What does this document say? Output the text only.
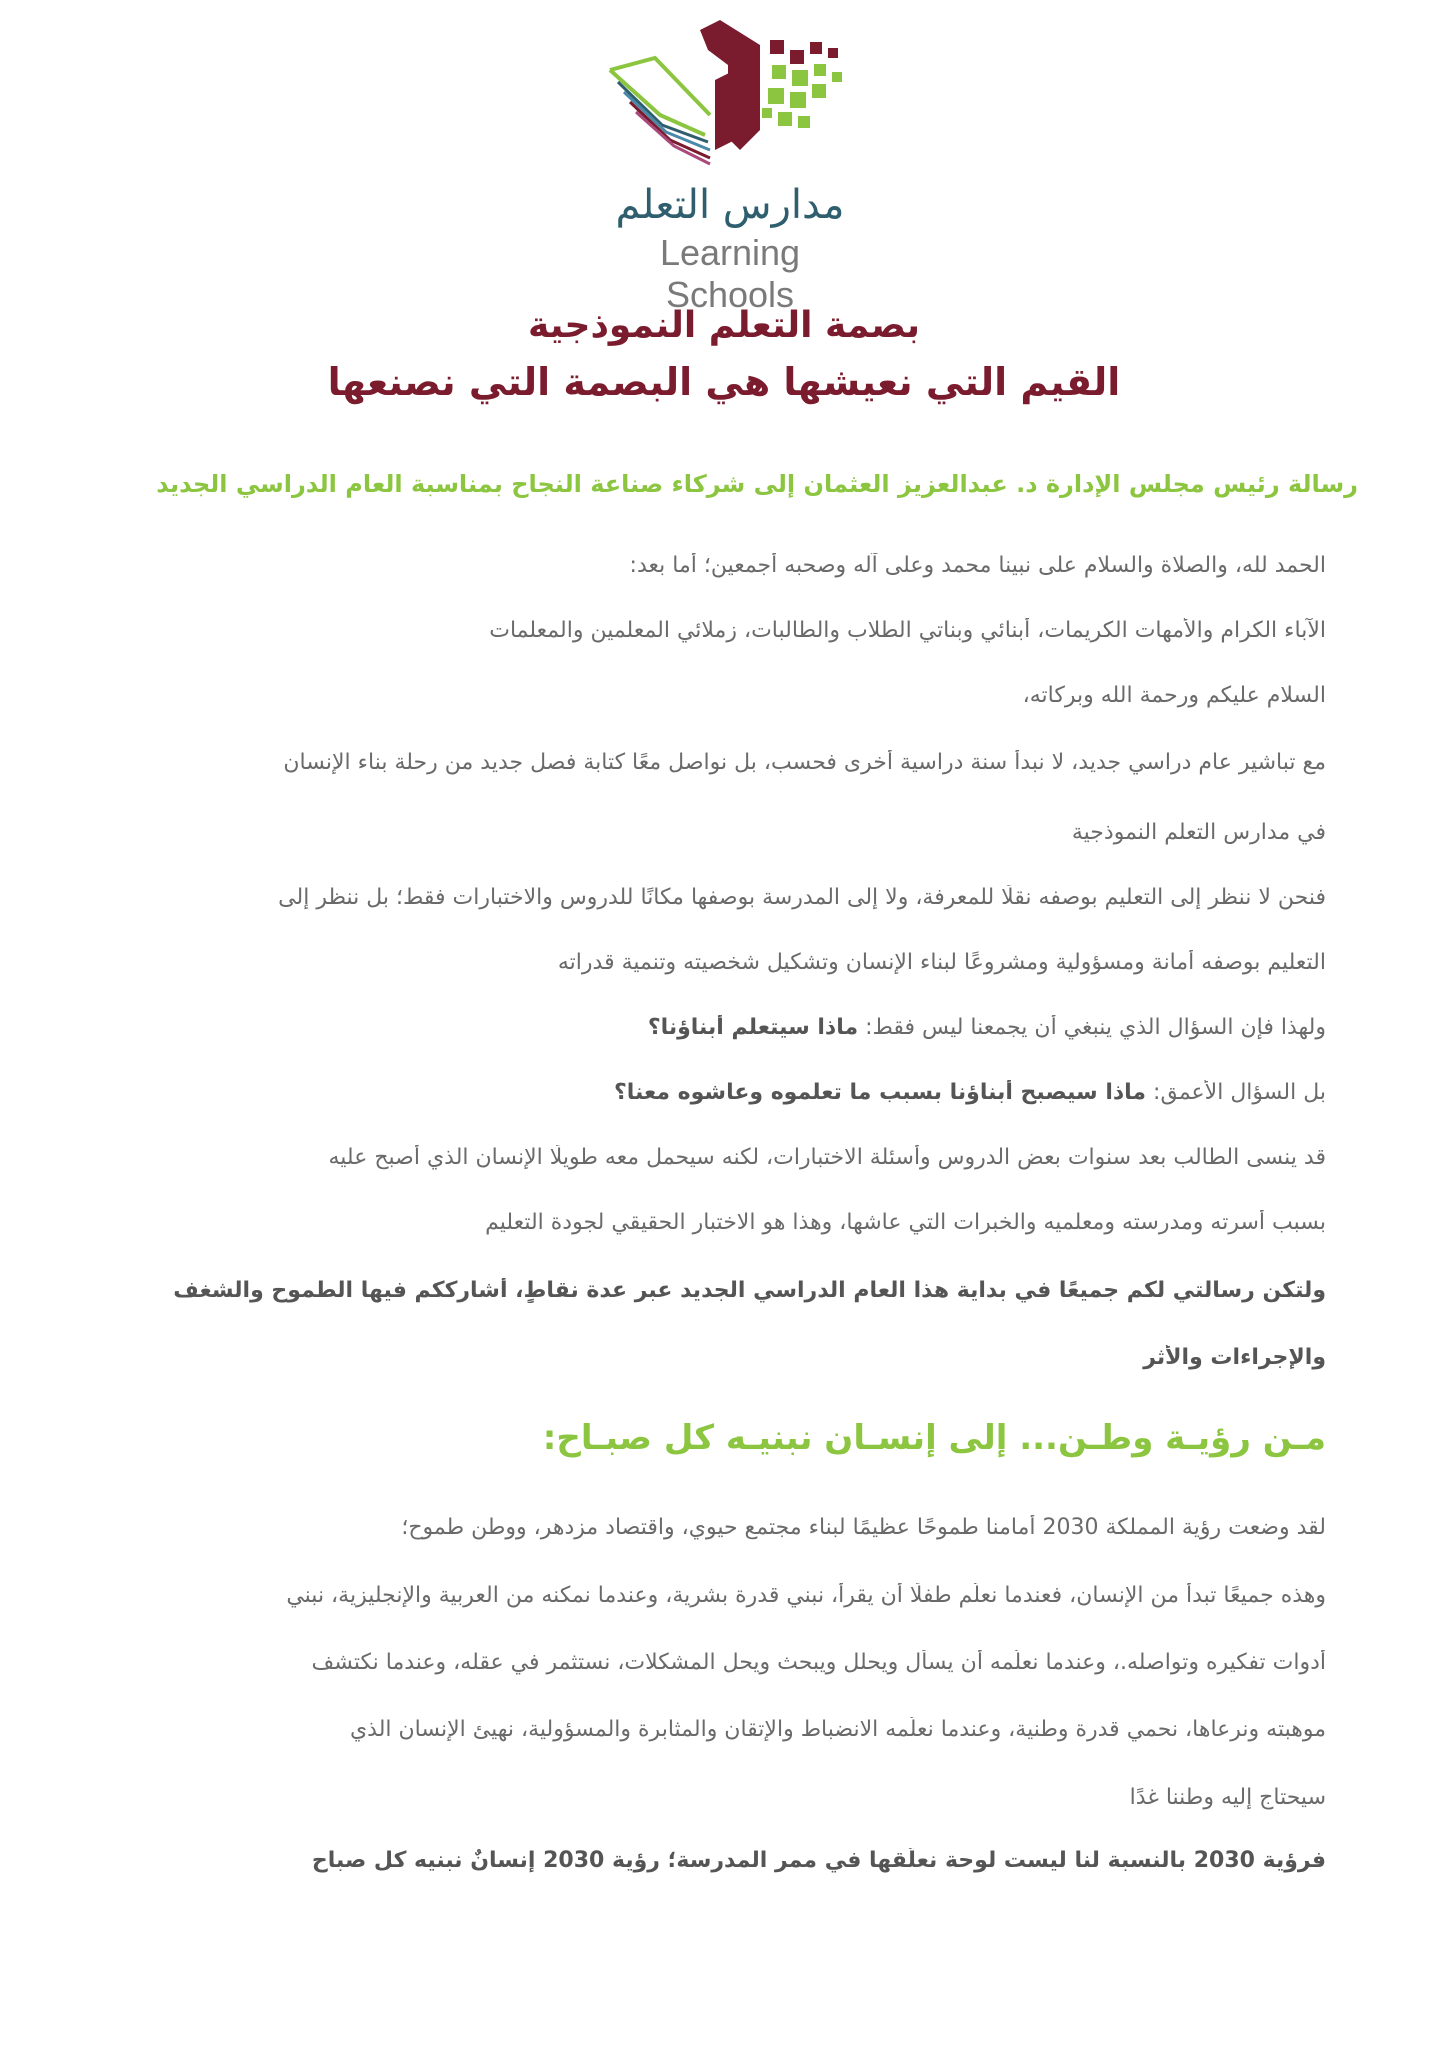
مدارس التعلم
Learning Schools
بصمة التعلم النموذجية
القيم التي نعيشها هي البصمة التي نصنعها
رسالة رئيس مجلس الإدارة د. عبدالعزيز العثمان إلى شركاء صناعة النجاح بمناسبة العام الدراسي الجديد
الحمد لله، والصلاة والسلام على نبينا محمد وعلى آله وصحبه أجمعين؛ أما بعد:
الآباء الكرام والأمهات الكريمات، أبنائي وبناتي الطلاب والطالبات، زملائي المعلمين والمعلمات
السلام عليكم ورحمة الله وبركاته،
مع تباشير عام دراسي جديد، لا نبدأ سنة دراسية أخرى فحسب، بل نواصل معًا كتابة فصل جديد من رحلة بناء الإنسان
في مدارس التعلم النموذجية
فنحن لا ننظر إلى التعليم بوصفه نقلًا للمعرفة، ولا إلى المدرسة بوصفها مكانًا للدروس والاختبارات فقط؛ بل ننظر إلى
التعليم بوصفه أمانة ومسؤولية ومشروعًا لبناء الإنسان وتشكيل شخصيته وتنمية قدراته
ولهذا فإن السؤال الذي ينبغي أن يجمعنا ليس فقط: ماذا سيتعلم أبناؤنا؟
بل السؤال الأعمق: ماذا سيصبح أبناؤنا بسبب ما تعلموه وعاشوه معنا؟
قد ينسى الطالب بعد سنوات بعض الدروس وأسئلة الاختبارات، لكنه سيحمل معه طويلًا الإنسان الذي أصبح عليه
بسبب أسرته ومدرسته ومعلميه والخبرات التي عاشها، وهذا هو الاختبار الحقيقي لجودة التعليم
ولتكن رسالتي لكم جميعًا في بداية هذا العام الدراسي الجديد عبر عدة نقاطٍ، أشارككم فيها الطموح والشغف
والإجراءات والأثر
لقد وضعت رؤية المملكة 2030 أمامنا طموحًا عظيمًا لبناء مجتمع حيوي، واقتصاد مزدهر، ووطن طموح؛
وهذه جميعًا تبدأ من الإنسان، فعندما نعلّم طفلًا أن يقرأ، نبني قدرة بشرية، وعندما نمكنه من العربية والإنجليزية، نبني
أدوات تفكيره وتواصله.، وعندما نعلّمه أن يسأل ويحلل ويبحث ويحل المشكلات، نستثمر في عقله، وعندما نكتشف
موهبته ونرعاها، نحمي قدرة وطنية، وعندما نعلّمه الانضباط والإتقان والمثابرة والمسؤولية، نهيئ الإنسان الذي
سيحتاج إليه وطننا غدًا
فرؤية 2030 بالنسبة لنا ليست لوحة نعلّقها في ممر المدرسة؛ رؤية 2030 إنسانٌ نبنيه كل صباح
مـن رؤيـة وطـن... إلى إنسـان نبنيـه كل صبـاح:
